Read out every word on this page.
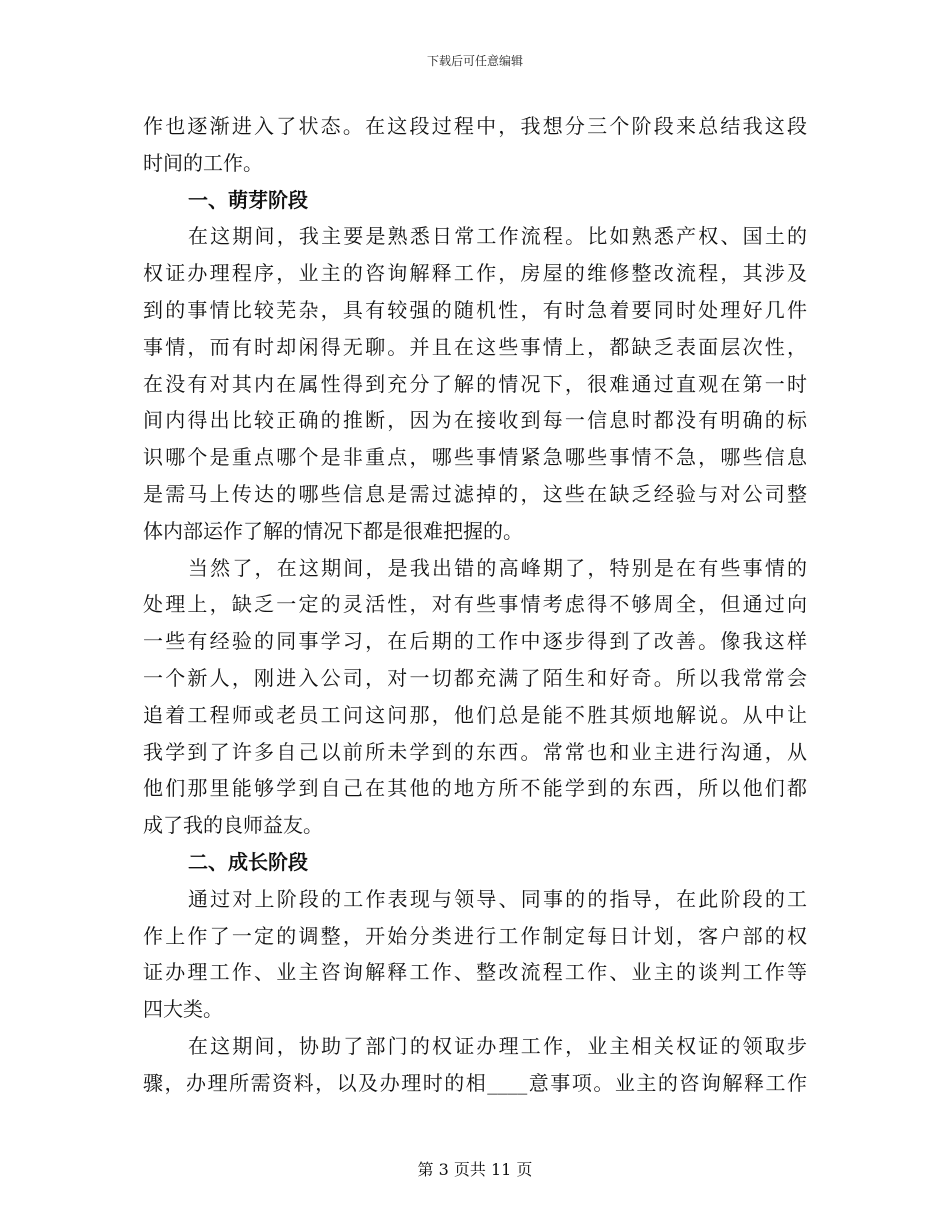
下载后可任意编辑
作也逐渐进入了状态。在这段过程中，我想分三个阶段来总结我这段
时间的工作。
一、萌芽阶段
在这期间，我主要是熟悉日常工作流程。比如熟悉产权、国土的
权证办理程序，业主的咨询解释工作，房屋的维修整改流程，其涉及
到的事情比较芜杂，具有较强的随机性，有时急着要同时处理好几件
事情，而有时却闲得无聊。并且在这些事情上，都缺乏表面层次性，
在没有对其内在属性得到充分了解的情况下，很难通过直观在第一时
间内得出比较正确的推断，因为在接收到每一信息时都没有明确的标
识哪个是重点哪个是非重点，哪些事情紧急哪些事情不急，哪些信息
是需马上传达的哪些信息是需过滤掉的，这些在缺乏经验与对公司整
体内部运作了解的情况下都是很难把握的。
当然了，在这期间，是我出错的高峰期了，特别是在有些事情的
处理上，缺乏一定的灵活性，对有些事情考虑得不够周全，但通过向
一些有经验的同事学习，在后期的工作中逐步得到了改善。像我这样
一个新人，刚进入公司，对一切都充满了陌生和好奇。所以我常常会
追着工程师或老员工问这问那，他们总是能不胜其烦地解说。从中让
我学到了许多自己以前所未学到的东西。常常也和业主进行沟通，从
他们那里能够学到自己在其他的地方所不能学到的东西，所以他们都
成了我的良师益友。
二、成长阶段
通过对上阶段的工作表现与领导、同事的的指导，在此阶段的工
作上作了一定的调整，开始分类进行工作制定每日计划，客户部的权
证办理工作、业主咨询解释工作、整改流程工作、业主的谈判工作等
四大类。
在这期间，协助了部门的权证办理工作，业主相关权证的领取步
骤，办理所需资料，以及办理时的相____意事项。业主的咨询解释工作
第 3 页共 11 页
